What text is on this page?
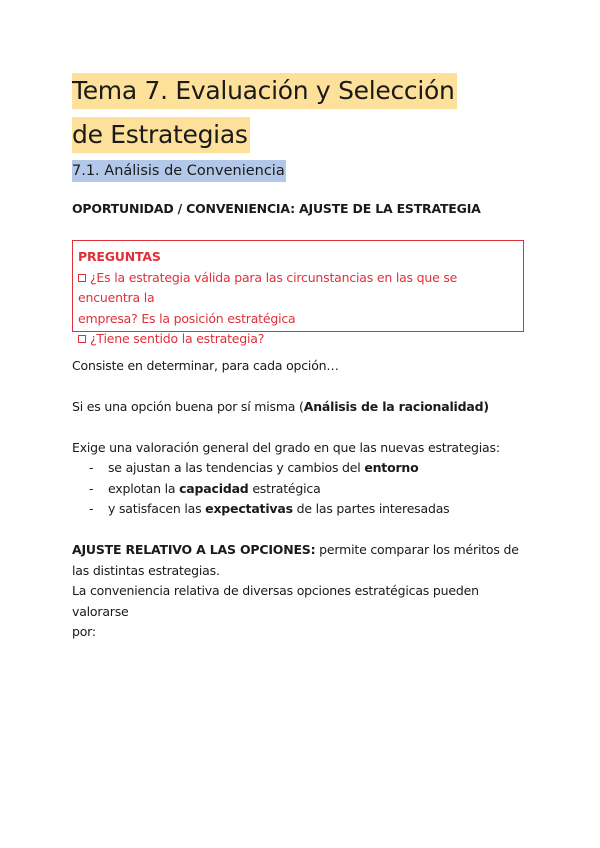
Tema 7. Evaluación y Selección
de Estrategias
7.1. Análisis de Conveniencia
OPORTUNIDAD / CONVENIENCIA: AJUSTE DE LA ESTRATEGIA
PREGUNTAS
¿Es la estrategia válida para las circunstancias en las que se encuentra la
empresa? Es la posición estratégica
¿Tiene sentido la estrategia?
Consiste en determinar, para cada opción…
Si es una opción buena por sí misma (Análisis de la racionalidad)
Exige una valoración general del grado en que las nuevas estrategias:
- se ajustan a las tendencias y cambios del entorno
- explotan la capacidad estratégica
- y satisfacen las expectativas de las partes interesadas
AJUSTE RELATIVO A LAS OPCIONES: permite comparar los méritos de
las distintas estrategias.
La conveniencia relativa de diversas opciones estratégicas pueden valorarse
por:
